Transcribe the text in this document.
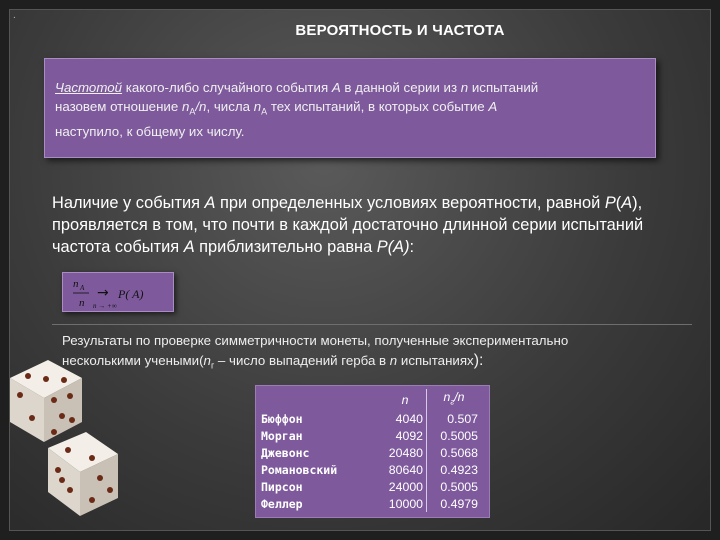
ВЕРОЯТНОСТЬ И ЧАСТОТА
Частотой какого-либо случайного события A в данной серии из n испытаний
назовем отношение $n_A/n$, числа $n_A$ тех испытаний, в которых событие A
наступило, к общему их числу.
Наличие у события A при определенных условиях вероятности, равной P(A), проявляется в том, что почти в каждой достаточно длинной серии испытаний частота события A приблизительно равна P(A):
n A
n
→ P( A)
n → +∞
Результаты по проверке симметричности монеты, полученные экспериментально
несколькими $учеными(n_г$ – число выпадений герба в n испытаниях):
	n	$n_г/n$
Бюффон	4040	0.507
Морган	4092	0.5005
Джевонс	20480	0.5068
Романовский	80640	0.4923
Пирсон	24000	0.5005
Феллер	10000	0.4979
.
